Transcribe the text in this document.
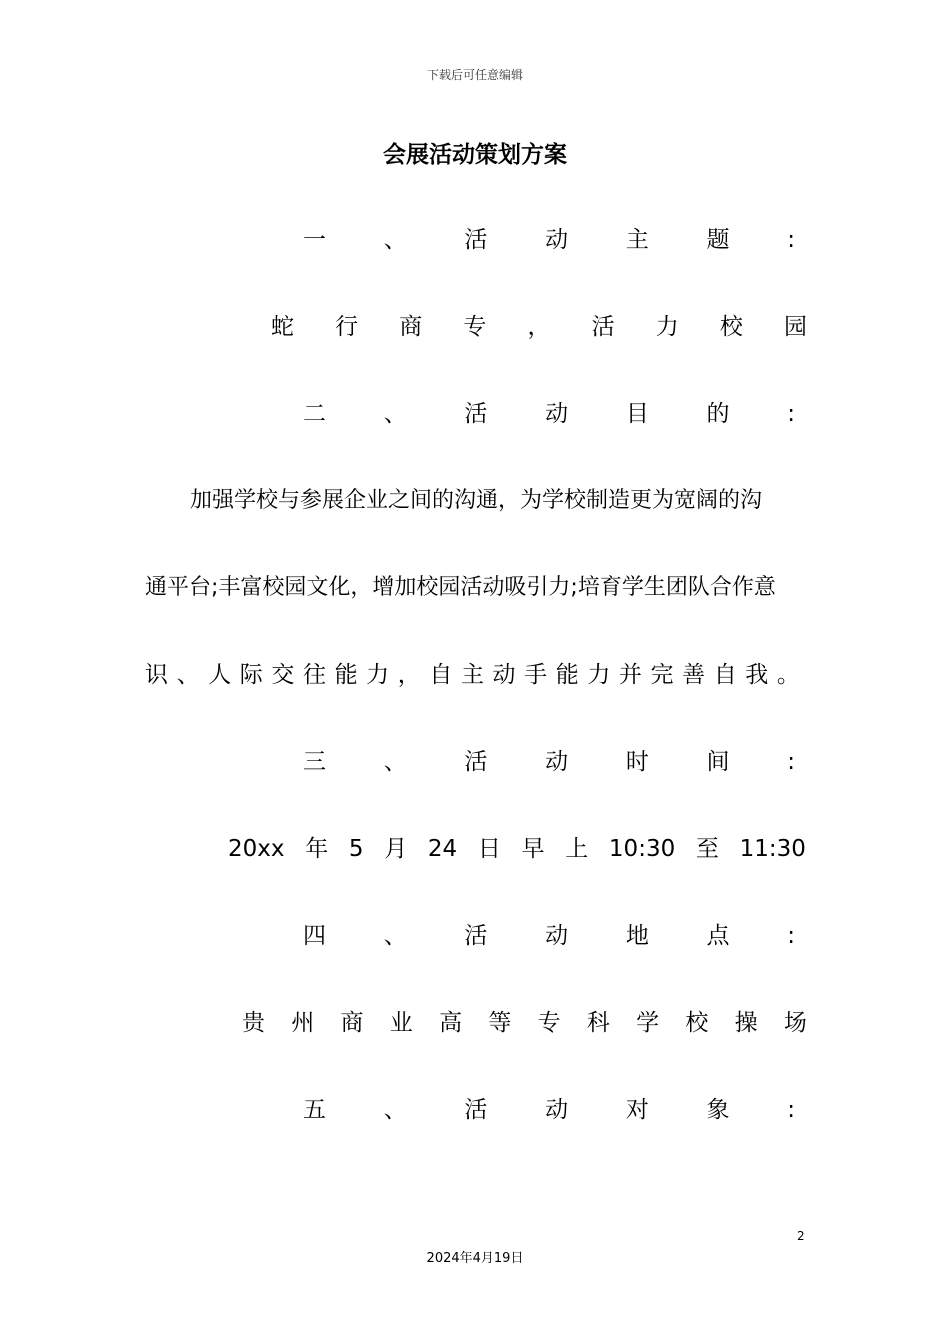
下载后可任意编辑
会展活动策划方案
一	、	活	动	主	题	:
蛇 行 商 专 ， 活 力 校 园
二	、	活	动	目	的	:
加强学校与参展企业之间的沟通，为学校制造更为宽阔的沟
通平台;丰富校园文化，增加校园活动吸引力;培育学生团队合作意
识 、 人 际 交 往 能 力 ， 自 主 动 手 能 力 并 完 善 自 我 。
三	、	活	动	时	间	:
20xx 年 5 月 24 日 早 上 10:30 至 11:30
四	、	活	动	地	点	:
贵 州 商 业 高 等 专 科 学 校 操 场
五	、	活	动	对	象	:
2
2024年4月19日
